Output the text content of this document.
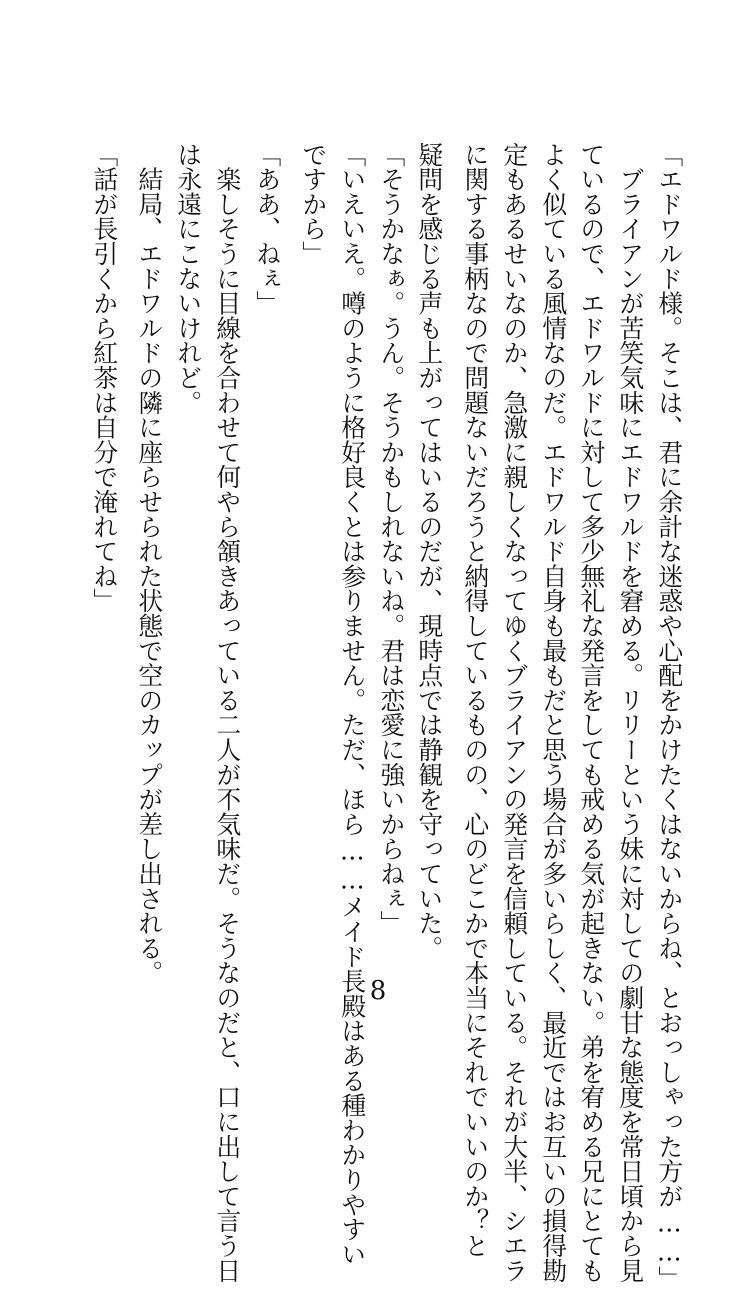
「エドワルド様。そこは、君に余計な迷惑や心配をかけたくはないからね、とおっしゃった方が……」
　ブライアンが苦笑気味にエドワルドを窘める。リリーという妹に対しての劇甘な態度を常日頃から見
ているので、エドワルドに対して多少無礼な発言をしても戒める気が起きない。弟を宥める兄にとても
よく似ている風情なのだ。エドワルド自身も最もだと思う場合が多いらしく、最近ではお互いの損得勘
定もあるせいなのか、急激に親しくなってゆくブライアンの発言を信頼している。それが大半、シエラ
に関する事柄なので問題ないだろうと納得しているものの、心のどこかで本当にそれでいいのか？と
疑問を感じる声も上がってはいるのだが、現時点では静観を守っていた。
「そうかなぁ。うん。そうかもしれないね。君は恋愛に強いからねぇ」
「いえいえ。噂のように格好良くとは参りません。ただ、ほら……メイド長殿はある種わかりやすい
ですから」
「ああ、ねぇ」
　楽しそうに目線を合わせて何やら頷きあっている二人が不気味だ。そうなのだと、口に出して言う日
は永遠にこないけれど。
　結局、エドワルドの隣に座らせられた状態で空のカップが差し出される。
「話が長引くから紅茶は自分で淹れてね」
8
